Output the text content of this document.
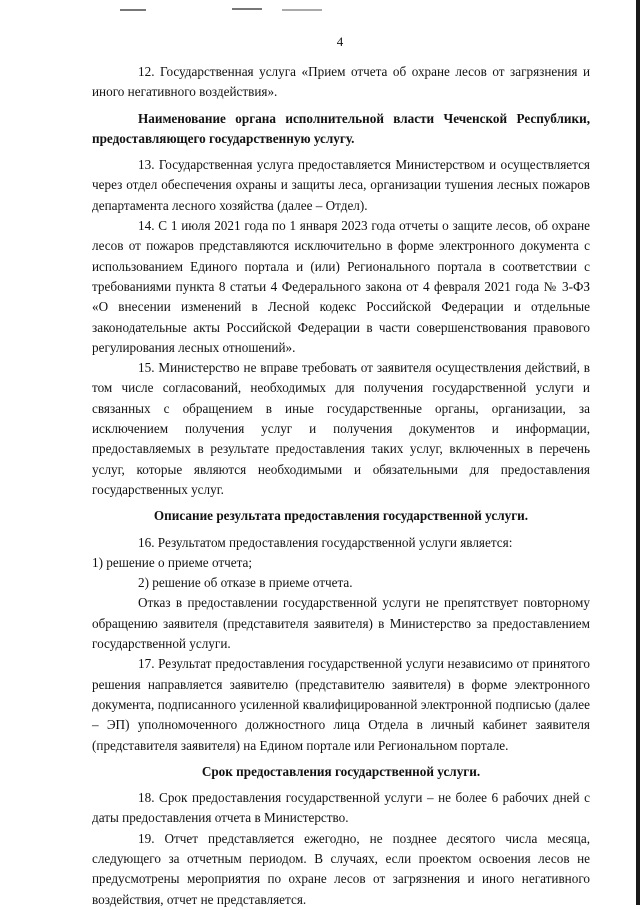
4

12. Государственная услуга «Прием отчета об охране лесов от загрязнения и иного негативного воздействия».

Наименование органа исполнительной власти Чеченской Республики, предоставляющего государственную услугу.

13. Государственная услуга предоставляется Министерством и осуществляется через отдел обеспечения охраны и защиты леса, организации тушения лесных пожаров департамента лесного хозяйства (далее – Отдел).

14. С 1 июля 2021 года по 1 января 2023 года отчеты о защите лесов, об охране лесов от пожаров представляются исключительно в форме электронного документа с использованием Единого портала и (или) Регионального портала в соответствии с требованиями пункта 8 статьи 4 Федерального закона от 4 февраля 2021 года № 3-ФЗ «О внесении изменений в Лесной кодекс Российской Федерации и отдельные законодательные акты Российской Федерации в части совершенствования правового регулирования лесных отношений».

15. Министерство не вправе требовать от заявителя осуществления действий, в том числе согласований, необходимых для получения государственной услуги и связанных с обращением в иные государственные органы, организации, за исключением получения услуг и получения документов и информации, предоставляемых в результате предоставления таких услуг, включенных в перечень услуг, которые являются необходимыми и обязательными для предоставления государственных услуг.

Описание результата предоставления государственной услуги.

16. Результатом предоставления государственной услуги является:

1) решение о приеме отчета;

2) решение об отказе в приеме отчета.

Отказ в предоставлении государственной услуги не препятствует повторному обращению заявителя (представителя заявителя) в Министерство за предоставлением государственной услуги.

17. Результат предоставления государственной услуги независимо от принятого решения направляется заявителю (представителю заявителя) в форме электронного документа, подписанного усиленной квалифицированной электронной подписью (далее – ЭП) уполномоченного должностного лица Отдела в личный кабинет заявителя (представителя заявителя) на Едином портале или Региональном портале.

Срок предоставления государственной услуги.

18. Срок предоставления государственной услуги – не более 6 рабочих дней с даты предоставления отчета в Министерство.

19. Отчет представляется ежегодно, не позднее десятого числа месяца, следующего за отчетным периодом. В случаях, если проектом освоения лесов не предусмотрены мероприятия по охране лесов от загрязнения и иного негативного воздействия, отчет не представляется.
